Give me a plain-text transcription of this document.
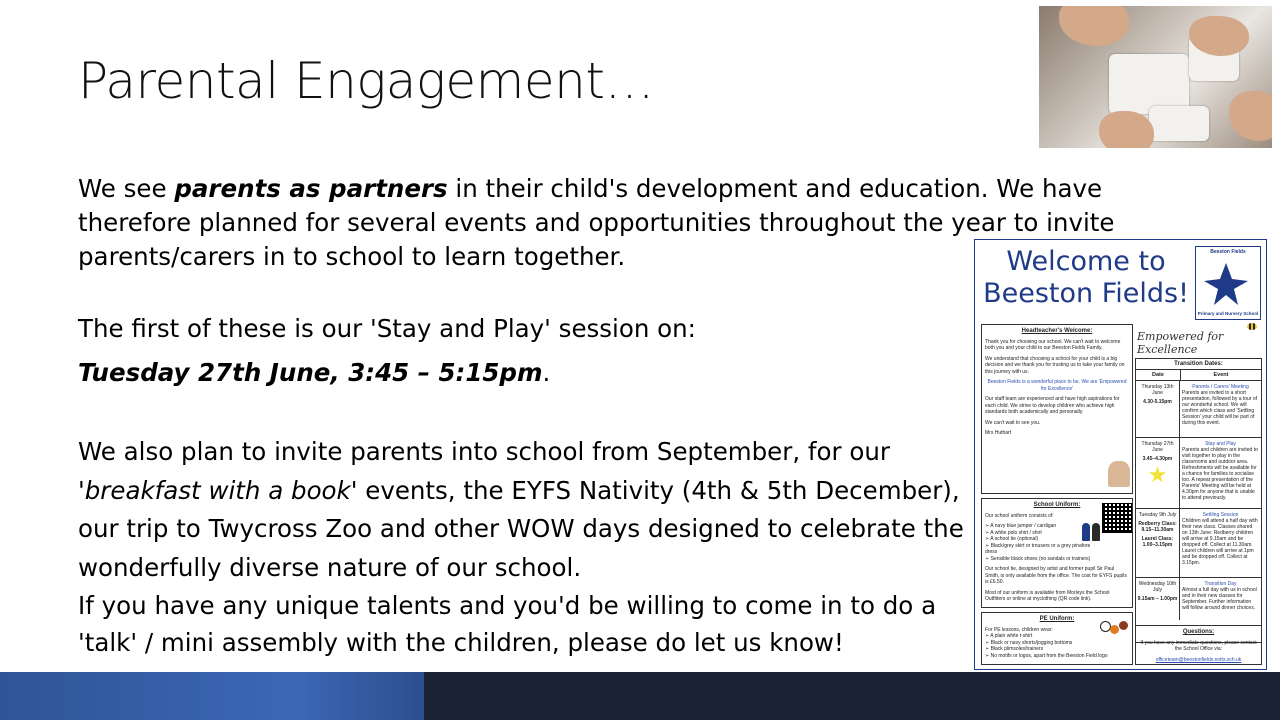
Parental Engagement…
We see parents as partners in their child's development and education. We have therefore planned for several events and opportunities throughout the year to invite parents/carers in to school to learn together.
The first of these is our 'Stay and Play' session on:
Tuesday 27th June, 3:45 – 5:15pm.
We also plan to invite parents into school from September, for our 'breakfast with a book' events, the EYFS Nativity (4th & 5th December), our trip to Twycross Zoo and other WOW days designed to celebrate the wonderfully diverse nature of our school.
If you have any unique talents and you'd be willing to come in to do a 'talk' / mini assembly with the children, please do let us know!
Welcome to Beeston Fields!
Beeston Fields
Primary and Nursery School
Empowered for Excellence
Headteacher's Welcome:

Thank you for choosing our school. We can't wait to welcome both you and your child to our Beeston Fields Family.

We understand that choosing a school for your child is a big decision and we thank you for trusting us to take your family on this journey with us.

Beeston Fields is a wonderful place to be. We are 'Empowered for Excellence'

Our staff team are experienced and have high aspirations for each child. We strive to develop children who achieve high standards both academically and personally.

We can't wait to see you.

Mrs Huthart

School Uniform:

Our school uniform consists of:

➢ A navy blue jumper / cardigan
➢ A white polo shirt / shirt
➢ A school tie (optional)
➢ Black/grey skirt or trousers or a grey pinafore dress
➢ Sensible black shoes (no sandals or trainers)

Our school tie, designed by artist and former pupil Sir Paul Smith, is only available from the office. The cost for EYFS pupils is £6.50.

Most of our uniform is available from Morleys the School Outfitters or online at myclothing (QR code link).

PE Uniform:

For PE lessons, children wear:
➢ A plain white t-shirt
➢ Black or navy shorts/jogging bottoms
➢ Black plimsoles/trainers
➢ No motifs or logos, apart from the Beeston Field logo

Transition Dates:
Date	Event
Thursday 13th June
4.30-5.15pm
Parents / Carers' Meeting
Parents are invited to a short presentation, followed by a tour of our wonderful school. We will confirm which class and 'Settling Session' your child will be part of during this event.
Thursday 27th June
3.45–4.30pm
Stay and Play
Parents and children are invited to visit together to play in the classrooms and outdoor area. Refreshments will be available for a chance for families to socialise too. A repeat presentation of the Parents' Meeting will be held at 4.30pm for anyone that is unable to attend previously.
Tuesday 9th July
Redberry Class: 9.15–11.30am
Laurel Class: 1.00–3.15pm
Settling Session
Children will attend a half day with their new class. Classes shared on 13th June: Redberry children will arrive at 9.15am and be dropped off. Collect at 11.30am. Laurel children will arrive at 1pm and be dropped off. Collect at 3.15pm.
Wednesday 10th July
9.15am – 1.00pm
Transition Day
Almost a full day with us in school and in their new classes for September. Further information will follow around dinner choices.
Questions:

If you have any immediate questions, please contact the School Office via:

officeteam@beestonfields.notts.sch.uk
